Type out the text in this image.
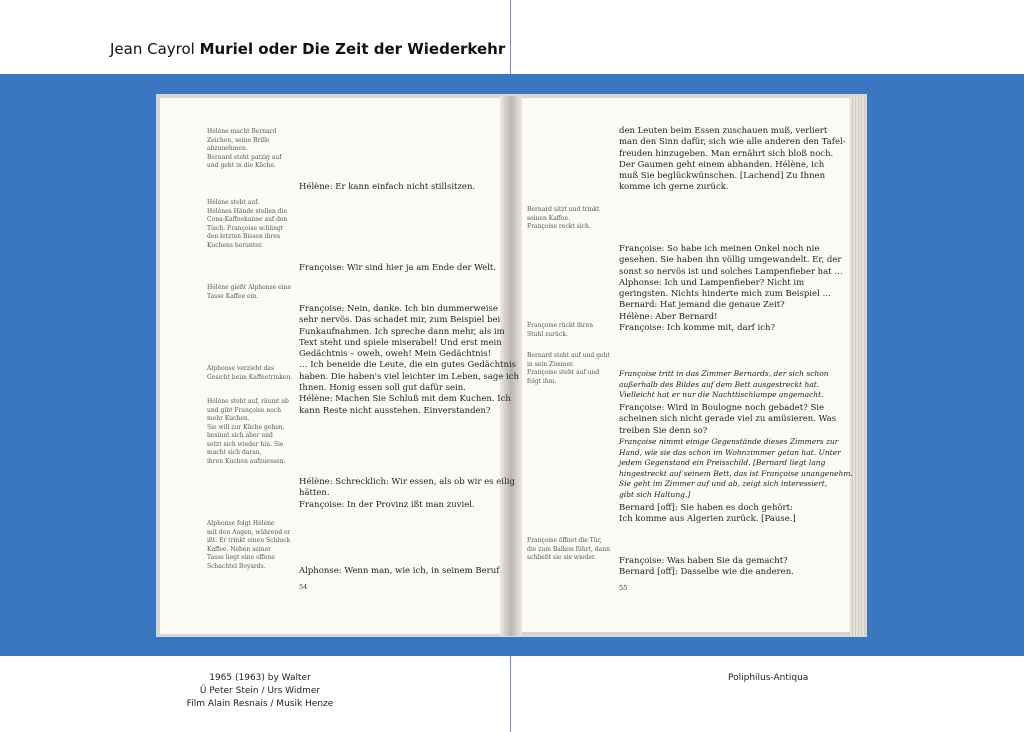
Jean Cayrol Muriel oder Die Zeit der Wiederkehr
Hélène macht Bernard
Zeichen, seine Brille
abzunehmen.
Bernard steht patzig auf
und geht in die Küche.
Hélène steht auf.
Hélènes Hände stellen die
Cona-Kaffeekanne auf den
Tisch. Françoise schlingt
den letzten Bissen ihres
Kuchens herunter.
Hélène gießt Alphonse eine
Tasse Kaffee ein.
Alphonse verzieht das
Gesicht beim Kaffeetrinken.
Hélène steht auf, räumt ab
und gibt Françoise noch
mehr Kuchen.
Sie will zur Küche gehen,
besinnt sich aber und
setzt sich wieder hin. Sie
macht sich daran,
ihren Kuchen aufzuessen.
Alphonse folgt Hélène
mit den Augen, während er
ißt. Er trinkt einen Schluck
Kaffee. Neben seiner
Tasse liegt eine offene
Schachtel Boyards.
Hélène: Er kann einfach nicht stillsitzen.
Françoise: Wir sind hier ja am Ende der Welt.
Françoise: Nein, danke. Ich bin dummerweise
sehr nervös. Das schadet mir, zum Beispiel bei
Funkaufnahmen. Ich spreche dann mehr, als im
Text steht und spiele miserabel! Und erst mein
Gedächtnis – oweh, oweh! Mein Gedächtnis!
… Ich beneide die Leute, die ein gutes Gedächtnis
haben. Die haben's viel leichter im Leben, sage ich
Ihnen. Honig essen soll gut dafür sein.
Hélène: Machen Sie Schluß mit dem Kuchen. Ich
kann Reste nicht ausstehen. Einverstanden?
Hélène: Schrecklich: Wir essen, als ob wir es eilig
hätten.
Françoise: In der Provinz ißt man zuviel.
Alphonse: Wenn man, wie ich, in seinem Beruf
54
Bernard sitzt und trinkt
seinen Kaffee.
Françoise reckt sich.
Françoise rückt ihren
Stuhl zurück.
Bernard steht auf und geht
in sein Zimmer.
Françoise steht auf und
folgt ihm.
Françoise öffnet die Tür,
die zum Balkon führt, dann
schließt sie sie wieder.
den Leuten beim Essen zuschauen muß, verliert
man den Sinn dafür, sich wie alle anderen den Tafel-
freuden hinzugeben. Man ernährt sich bloß noch.
Der Gaumen geht einem abhanden. Hélène, ich
muß Sie beglückwünschen. [Lachend] Zu Ihnen
komme ich gerne zurück.
Françoise: So habe ich meinen Onkel noch nie
gesehen. Sie haben ihn völlig umgewandelt. Er, der
sonst so nervös ist und solches Lampenfieber hat …
Alphonse: Ich und Lampenfieber? Nicht im
geringsten. Nichts hinderte mich zum Beispiel …
Bernard: Hat jemand die genaue Zeit?
Hélène: Aber Bernard!
Françoise: Ich komme mit, darf ich?
Françoise tritt in das Zimmer Bernards, der sich schon
außerhalb des Bildes auf dem Bett ausgestreckt hat.
Vielleicht hat er nur die Nachttischlampe angemacht.
Françoise: Wird in Boulogne noch gebadet? Sie
scheinen sich nicht gerade viel zu amüsieren. Was
treiben Sie denn so?
Françoise nimmt einige Gegenstände dieses Zimmers zur
Hand, wie sie das schon im Wohnzimmer getan hat. Unter
jedem Gegenstand ein Preisschild. [Bernard liegt lang
hingestreckt auf seinem Bett, das ist Françoise unangenehm.
Sie geht im Zimmer auf und ab, zeigt sich interessiert,
gibt sich Haltung.]
Bernard [off]: Sie haben es doch gehört:
Ich komme aus Algerien zurück. [Pause.]
Françoise: Was haben Sie da gemacht?
Bernard [off]: Dasselbe wie die anderen.
55
1965 (1963) by Walter
Ü Peter Stein / Urs Widmer
Film Alain Resnais / Musik Henze
Poliphilus-Antiqua
